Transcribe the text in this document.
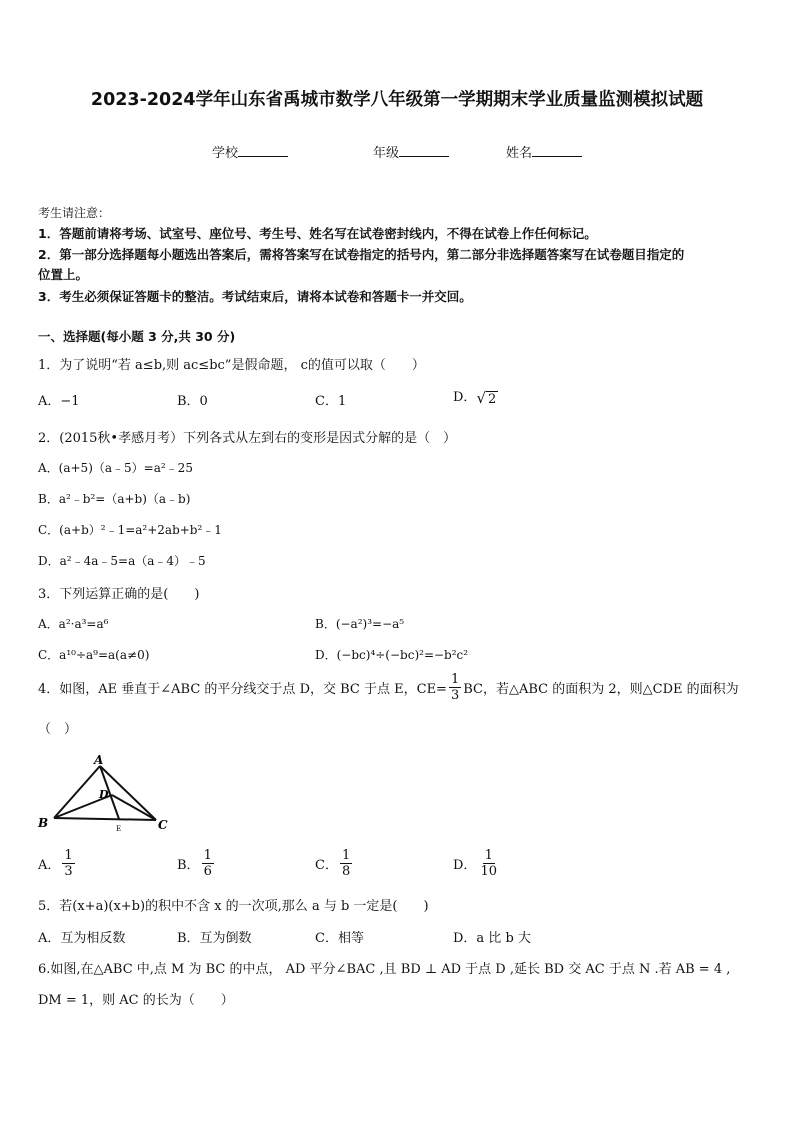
2023-2024学年山东省禹城市数学八年级第一学期期末学业质量监测模拟试题
学校	年级	姓名
考生请注意：
1．答题前请将考场、试室号、座位号、考生号、姓名写在试卷密封线内，不得在试卷上作任何标记。
2．第一部分选择题每小题选出答案后，需将答案写在试卷指定的括号内，第二部分非选择题答案写在试卷题目指定的
位置上。
3．考生必须保证答题卡的整洁。考试结束后，请将本试卷和答题卡一并交回。
一、选择题(每小题 3 分,共 30 分)
1．为了说明“若 a≤b,则 ac≤bc”是假命题， c的值可以取（　　）
A．−1	B．0	C．1	D． √ 2
2．(2015秋•孝感月考）下列各式从左到右的变形是因式分解的是（　）
A．(a+5)（a﹣5）=a²﹣25
B．a²﹣b²=（a+b)（a﹣b)
C．(a+b）²﹣1=a²+2ab+b²﹣1
D．a²﹣4a﹣5=a（a﹣4）﹣5
3．下列运算正确的是(　　)
A．a²·a³=a⁶	B．(−a²)³=−a⁵
C．a¹⁰÷a⁹=a(a≠0)	D．(−bc)⁴÷(−bc)²=−b²c²
4．如图，AE 垂直于∠ABC 的平分线交于点 D，交 BC 于点 E，$CE= \frac{1}{3}$ BC，若△ABC 的面积为 2，则△CDE 的面积为
（　）
A
B	C
D
E
A． $\frac{1}{3}$	B． $\frac{1}{6}$	C． $\frac{1}{8}$	D． $\frac{1}{10}$
5．若(x+a)(x+b)的积中不含 x 的一次项,那么 a 与 b 一定是(　　)
A．互为相反数	B．互为倒数	C．相等	D．a 比 b 大
6.如图,在△ABC 中,点 M 为 BC 的中点， AD 平分∠BAC ,且 BD ⊥ AD 于点 D ,延长 BD 交 AC 于点 N .若 AB = 4 ,
DM = 1，则 AC 的长为（　　）
